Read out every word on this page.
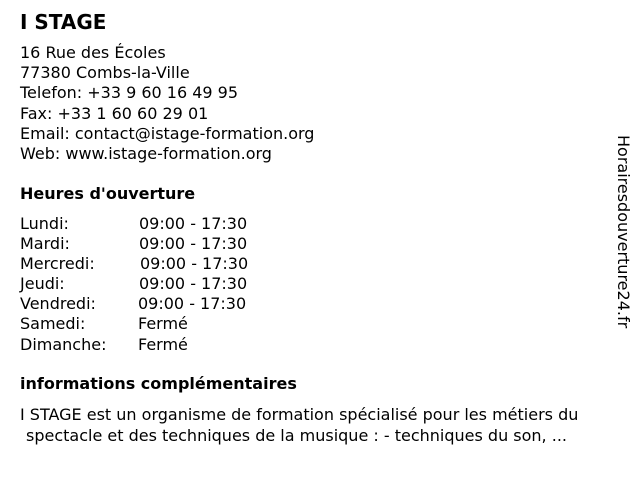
I STAGE
16 Rue des Écoles
77380 Combs-la-Ville
Telefon: +33 9 60 16 49 95
Fax: +33 1 60 60 29 01
Email: contact@istage-formation.org
Web: www.istage-formation.org
Heures d'ouverture
Lundi:	09:00 - 17:30
Mardi:	09:00 - 17:30
Mercredi:	09:00 - 17:30
Jeudi:	09:00 - 17:30
Vendredi:	09:00 - 17:30
Samedi:	Fermé
Dimanche: Fermé
informations complémentaires
I STAGE est un organisme de formation spécialisé pour les métiers du
spectacle et des techniques de la musique : - techniques du son, ...
Horairesdouverture24.fr
